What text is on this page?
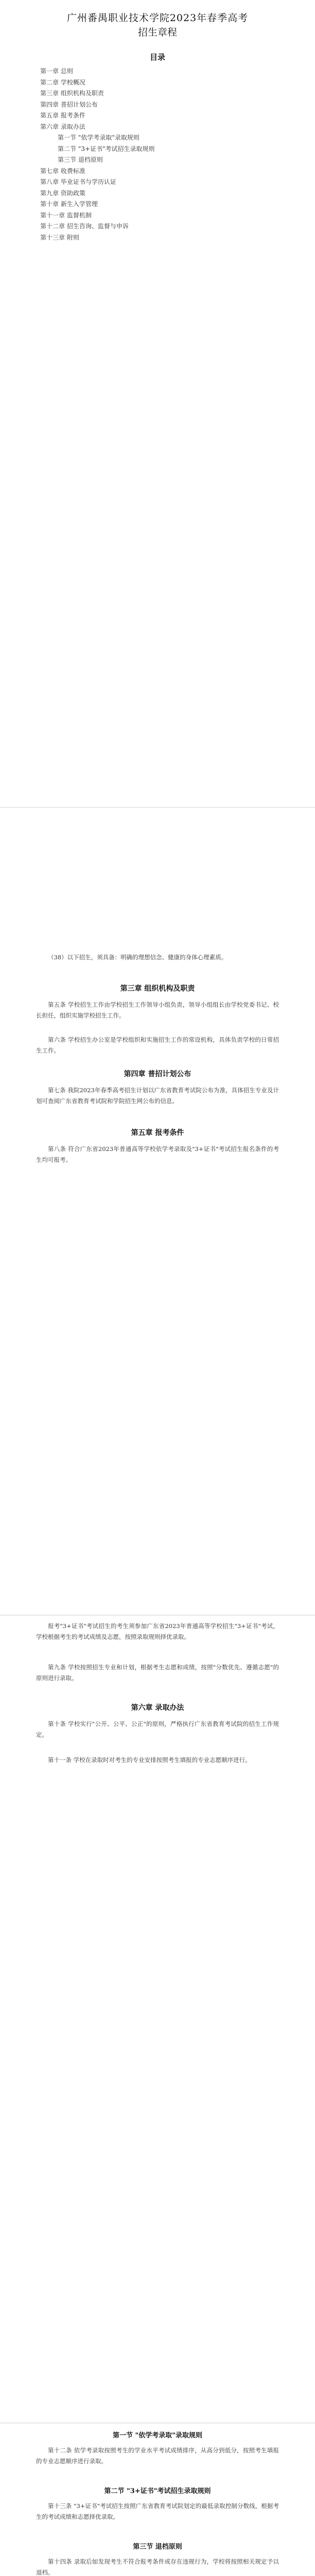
广州番禺职业技术学院2023年春季高考
招生章程
目录
第一章 总则
第二章 学校概况
第三章 组织机构及职责
第四章 普招计划公布
第五章 报考条件
第六章 录取办法
第一节 "依学考录取"录取规则
第二节 "3+证书"考试招生录取规则
第三节 退档原则
第七章 收费标准
第八章 毕业证书与学历认证
第九章 资助政策
第十章 新生入学管理
第十一章 监督机制
第十二章 招生咨询、监督与申诉
第十三章 附则
（38）以下招生，须具备：明确的理想信念、健康的身体心理素质。
第三章 组织机构及职责
第五条 学校招生工作由学校招生工作领导小组负责，领导小组组长由学校党委书记、校长担任，组织实施学校招生工作。
第六条 学校招生办公室是学校组织和实施招生工作的常设机构，具体负责学校的日常招生工作。
第四章 普招计划公布
第七条 我院2023年春季高考招生计划以广东省教育考试院公布为准，具体招生专业及计划可查阅广东省教育考试院和学院招生网公布的信息。
第五章 报考条件
第八条 符合广东省2023年普通高等学校依学考录取及"3+证书"考试招生报名条件的考生均可报考。
报考"3+证书"考试招生的考生须参加广东省2023年普通高等学校招生"3+证书"考试，学校根据考生的考试成绩及志愿，按照录取规则择优录取。
第九条 学校按照招生专业和计划，根据考生志愿和成绩，按照"分数优先、遵循志愿"的原则进行录取。
第六章 录取办法
第十条 学校实行"公开、公平、公正"的原则，严格执行广东省教育考试院的招生工作规定。
第十一条 学校在录取时对考生的专业安排按照考生填报的专业志愿顺序进行。
第一节 "依学考录取"录取规则
第十二条 依学考录取按照考生的学业水平考试成绩排序，从高分到低分，按照考生填报的专业志愿顺序进行录取。
第二节 "3+证书"考试招生录取规则
第十三条 "3+证书"考试招生按照广东省教育考试院划定的最低录取控制分数线，根据考生的考试成绩和志愿择优录取。
第三节 退档原则
第十四条 录取后如发现考生不符合报考条件或存在违规行为，学校将按照相关规定予以退档。
